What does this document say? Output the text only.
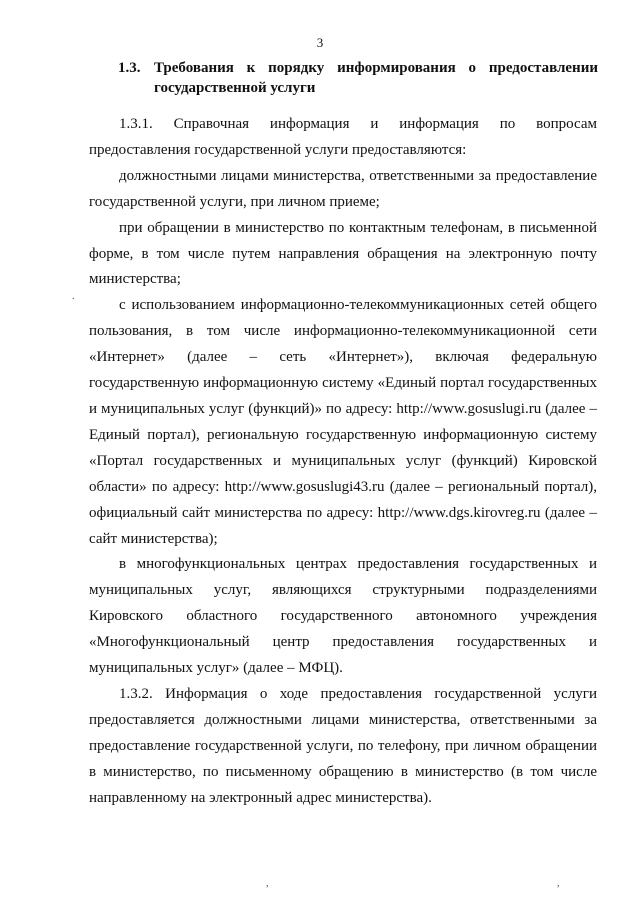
3
1.3. Требования к порядку информирования о предоставлении государственной услуги

1.3.1. Справочная информация и информация по вопросам предоставления государственной услуги предоставляются:

должностными лицами министерства, ответственными за предоставление государственной услуги, при личном приеме;

при обращении в министерство по контактным телефонам, в письменной форме, в том числе путем направления обращения на электронную почту министерства;

с использованием информационно-телекоммуникационных сетей общего пользования, в том числе информационно-телекоммуникационной сети «Интернет» (далее – сеть «Интернет»), включая федеральную государственную информационную систему «Единый портал государственных и муниципальных услуг (функций)» по адресу: http://www.gosuslugi.ru (далее – Единый портал), региональную государственную информационную систему «Портал государственных и муниципальных услуг (функций) Кировской области» по адресу: http://www.gosuslugi43.ru (далее – региональный портал), официальный сайт министерства по адресу: http://www.dgs.kirovreg.ru (далее – сайт министерства);

в многофункциональных центрах предоставления государственных и муниципальных услуг, являющихся структурными подразделениями Кировского областного государственного автономного учреждения «Многофункциональный центр предоставления государственных и муниципальных услуг» (далее – МФЦ).

1.3.2. Информация о ходе предоставления государственной услуги предоставляется должностными лицами министерства, ответственными за предоставление государственной услуги, по телефону, при личном обращении в министерство, по письменному обращению в министерство (в том числе направленному на электронный адрес министерства).

.
,	,
